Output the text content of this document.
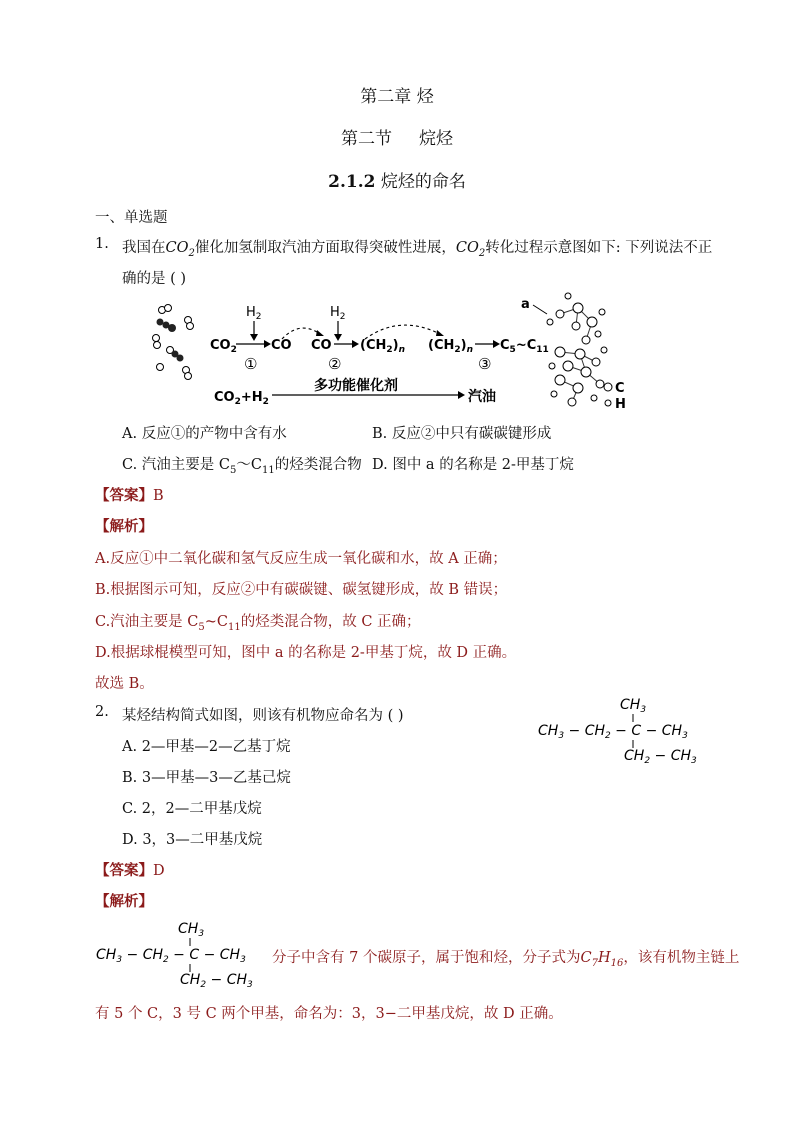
第二章 烃
第二节 烷烃
2.1.2 烷烃的命名
一、单选题
1. 我国在$CO_2$催化加氢制取汽油方面取得突破性进展，$CO_2$转化过程示意图如下: 下列说法不正
确的是 ( )
$H_2$	$H_2$
$CO_2$	CO CO $(CH_2)_n$ $(CH_2)_n$ $C_5\sim C_{11}$
①	②	③
$CO_2+H_2$
多功能催化剂
汽油
a
C
H
A. 反应①的产物中含有水	B. 反应②中只有碳碳键形成
C. 汽油主要是 $C_5\sim C_{11}$的烃类混合物 D. 图中 a 的名称是 2-甲基丁烷
【答案】B
【解析】
A.反应①中二氧化碳和氢气反应生成一氧化碳和水，故 A 正确；
B.根据图示可知，反应②中有碳碳键、碳氢键形成，故 B 错误；
C.汽油主要是 $C_5\sim C_{11}$的烃类混合物，故 C 正确；
D.根据球棍模型可知，图中 a 的名称是 2-甲基丁烷，故 D 正确。
故选 B。
2. 某烃结构简式如图，则该有机物应命名为 ( )
A. 2—甲基—2—乙基丁烷
B. 3—甲基—3—乙基己烷
C. 2，2—二甲基戊烷
D. 3，3—二甲基戊烷
$CH_3$
$CH_3 - CH_2 - C - CH_3$
$CH_2 - CH_3$
【答案】D
【解析】
$CH_3$
$CH_3 - CH_2 - C - CH_3$
$CH_2 - CH_3$
分子中含有 7 个碳原子，属于饱和烃，分子式为$C_7H_{16}$，该有机物主链上
有 5 个 C，3 号 C 两个甲基，命名为：3，3−二甲基戊烷，故 D 正确。
